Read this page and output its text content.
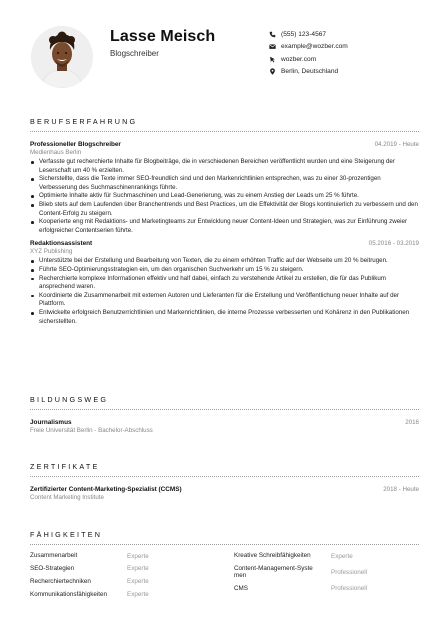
Lasse Meisch
Blogschreiber
(555) 123-4567
example@wozber.com
wozber.com
Berlin, Deutschland
BERUFSERFAHRUNG
Professioneller Blogschreiber	04.2019 - Heute
Medienhaus Berlin
Verfasste gut recherchierte Inhalte für Blogbeiträge, die in verschiedenen Bereichen veröffentlicht wurden und eine Steigerung der Leserschaft um 40 % erzielten.
Sicherstellte, dass die Texte immer SEO-freundlich sind und den Markenrichtlinien entsprechen, was zu einer 30-prozentigen Verbesserung des Suchmaschinenrankings führte.
Optimierte Inhalte aktiv für Suchmaschinen und Lead-Generierung, was zu einem Anstieg der Leads um 25 % führte.
Blieb stets auf dem Laufenden über Branchentrends und Best Practices, um die Effektivität der Blogs kontinuierlich zu verbessern und den Content-Erfolg zu steigern.
Kooperierte eng mit Redaktions- und Marketingteams zur Entwicklung neuer Content-Ideen und Strategien, was zur Einführung zweier erfolgreicher Contentserien führte.
Redaktionsassistent	05.2016 - 03.2019
XYZ Publishing
Unterstützte bei der Erstellung und Bearbeitung von Texten, die zu einem erhöhten Traffic auf der Webseite um 20 % beitrugen.
Führte SEO-Optimierungsstrategien ein, um den organischen Suchverkehr um 15 % zu steigern.
Recherchierte komplexe Informationen effektiv und half dabei, einfach zu verstehende Artikel zu erstellen, die für das Publikum ansprechend waren.
Koordinierte die Zusammenarbeit mit externen Autoren und Lieferanten für die Erstellung und Veröffentlichung neuer Inhalte auf der Plattform.
Entwickelte erfolgreich Benutzerrichtlinien und Markenrichtlinien, die interne Prozesse verbesserten und Kohärenz in den Publikationen sicherstellten.
BILDUNGSWEG
Journalismus	2016
Freie Universität Berlin - Bachelor-Abschluss
ZERTIFIKATE
Zertifizierter Content-Marketing-Spezialist (CCMS)	2018 - Heute
Content Marketing Institute
FÄHIGKEITEN
Zusammenarbeit	Experte
SEO-Strategien	Experte
Recherchiertechniken	Experte
Kommunikationsfähigkeiten	Experte
Kreative Schreibfähigkeiten	Experte
Content-Management-Syste men	Professionell
CMS	Professionell
